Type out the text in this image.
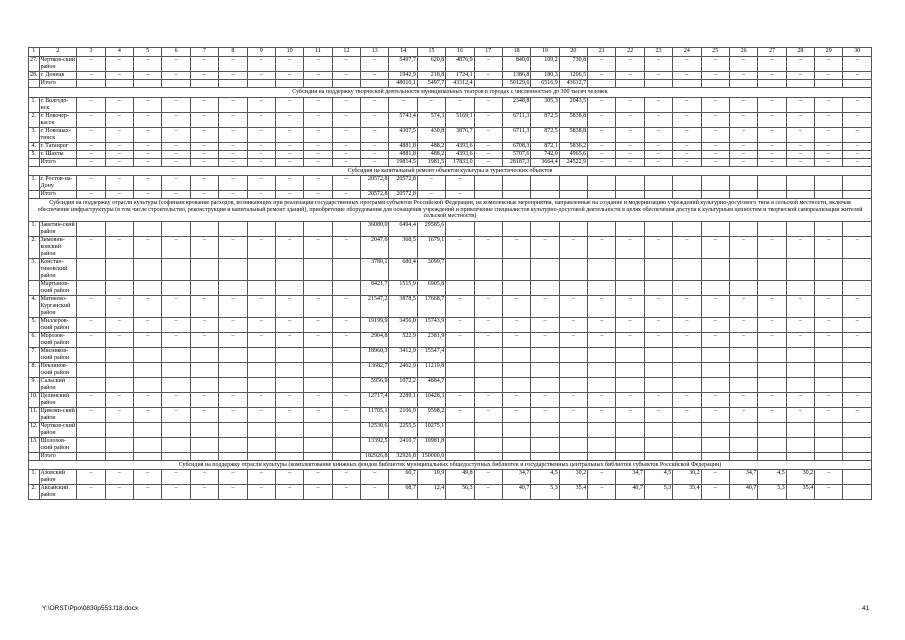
1	2	3	4	5	6	7	8	9	10	11	12	13	14	15	16	17	18	19	20	21	22	23	24	25	26	27	28	29	30
27.	Чертков-ский район	–	–	–	–	–	–	–	–	–	–	–	5497,7	620,8	4876,9	–	840,0	109,2	730,8	–	–	–	–	–	–	–	–	–	–
28.	г. Донецк	–	–	–	–	–	–	–	–	–	–	–	1942,9	218,8	1724,1	–	1386,8	180,3	1206,5	–	–	–	–	–	–	–	–	–	–
	Итого												48010,1	5497,7	43312,4		50129,6	6516,9	43612,7										
Субсидия на поддержку творческой деятельности муниципальных театров в городах с численностью до 300 тысяч человек																													
1.	г. Волгодо-нск	–	–	–	–	–	–	–	–	–	–	–	–	–	–	–	2348,8	305,3	2043,5	–	–	–	–	–	–	–	–	–	–
2.	г. Новочер-касск	–	–	–	–	–	–	–	–	–	–	–	5743,4	574,3	5169,1	–	6711,3	872,5	5838,8	–	–	–	–	–	–	–	–	–	–
3.	г. Новошах-тинск	–	–	–	–	–	–	–	–	–	–	–	4307,5	430,8	3876,7	–	6711,3	872,5	5838,8	–	–	–	–	–	–	–	–	–	–
4.	г. Таганрог	–	–	–	–	–	–	–	–	–	–	–	4881,8	488,2	4393,6	–	6708,3	872,1	5836,2	–	–	–	–	–	–	–	–	–	–
5.	г. Шахты	–	–	–	–	–	–	–	–	–	–	–	4881,8	488,2	4393,6	–	5707,6	742,0	4965,6	–	–	–	–	–	–	–	–	–	–
	Итого	–	–	–	–	–	–	–	–	–	–	–	19814,5	1981,5	17833,0	–	28187,3	3664,4	24522,9	–	–	–	–	–	–	–	–	–	–
Субсидия на капитальный ремонт объектов культуры и туристических объектов																													
1.	г. Ростов-на-Дону	–	–	–	–	–	–	–	–	–	–	20572,8	20572,8	–	–														
	Итого	–	–	–	–	–	–	–	–	–	–	20572,8	20572,8	–	–														
Субсидия на поддержку отрасли культуры (софинансирование расходов, возникающих при реализации государственных программ субъектов Российской Федерации, на комплексные мероприятия, направленные на создание и модернизацию учреждений культурно-досугового типа в сельской местности, включая обеспечение инфраструктуры (в том числе строительство, реконструкция и капитальный ремонт зданий), приобретение оборудования для оснащения учреждений и привлечение специалистов культурно-досуговой деятельности в целях обеспечения доступа к культурным ценностям и творческой самореализации жителей сельской местности)																													
1.	Заветин-ский район											36080,0	6494,4	29585,6															
2.	Зимовни-ковский район	–	–	–	–	–	–	–	–	–	–	2047,6	368,5	1679,1	–	–	–	–	–	–	–	–	–	–	–	–	–	–	–
3.	Констан-тиновский район											3780,1	680,4	3099,7															
	Мартынов-ский район											8421,7	1515,9	6905,8															
4.	Матвеево-Курганский район	–	–	–	–	–	–	–	–	–	–	21547,2	3878,5	17668,7	–	–	–	–	–	–	–	–	–	–	–	–	–	–	–
5.	Миллеров-ский район	–	–	–	–	–	–	–	–	–	–	19199,9	3456,0	15743,9	–	–	–	–	–	–	–	–	–	–	–	–	–	–	–
6.	Морозов-ский район	–	–	–	–	–	–	–	–	–	–	2904,8	522,9	2381,9	–	–	–	–	–	–	–	–	–	–	–	–	–	–	–
7.	Мясников-ский район											18960,3	3412,9	15547,4															
8.	Неклинов-ский район											13682,7	2462,9	11219,8															
9.	Сальский район											5956,9	1072,2	4884,7															
10.	Целинский район	–	–	–	–	–	–	–	–	–	–	12717,4	2289,1	10428,3	–	–	–	–	–	–	–	–	–	–	–	–	–	–	–
11.	Цимлян-ский район	–	–	–	–	–	–	–	–	–	–	11705,1	2106,9	9598,2	–	–	–	–	–	–	–	–	–	–	–	–	–	–	–
12.	Чертков-ский район											12530,6	2255,5	10275,1															
13.	Шолохов-ский район											13392,5	2410,7	10981,8															
	Итого											182926,8	32926,8	150000,0															
Субсидия на поддержку отрасли культуры (комплектование книжных фондов библиотек муниципальных общедоступных библиотек и государственных центральных библиотек субъектов Российской Федерации)																													
1.	Азовский район	–	–	–	–	–	–	–	–	–	–	–	60,7	10,9	49,8	–	34,7	4,5	30,2	–	34,7	4,5	30,2	–	34,7	4,5	30,2	–	
2.	Аксайский район	–	–	–	–	–	–	–	–	–	–	–	68,7	12,4	56,3	–	40,7	5,3	35,4	–	40,7	5,3	35,4	–	40,7	5,3	35,4	–	
Y:\ORST\Ppo\0830p553.f18.docx	41
